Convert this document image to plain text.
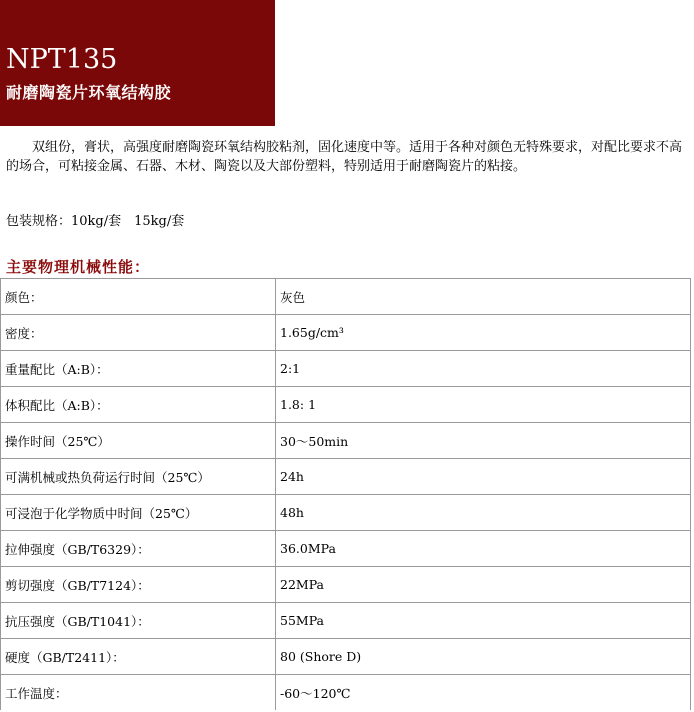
NPT135
耐磨陶瓷片环氧结构胶
双组份，膏状，高强度耐磨陶瓷环氧结构胶粘剂，固化速度中等。适用于各种对颜色无特殊要求，对配比要求不高的场合，可粘接金属、石器、木材、陶瓷以及大部份塑料，特别适用于耐磨陶瓷片的粘接。
包装规格：10kg/套　15kg/套
主要物理机械性能：
颜色：	灰色
密度：	1.65g/cm³
重量配比（A:B）：	2:1
体积配比（A:B）：	1.8: 1
操作时间（25℃）	30～50min
可满机械或热负荷运行时间（25℃）	24h
可浸泡于化学物质中时间（25℃）	48h
拉伸强度（GB/T6329）：	36.0MPa
剪切强度（GB/T7124）：	22MPa
抗压强度（GB/T1041）：	55MPa
硬度（GB/T2411）：	80 (Shore D)
工作温度：	-60～120℃
